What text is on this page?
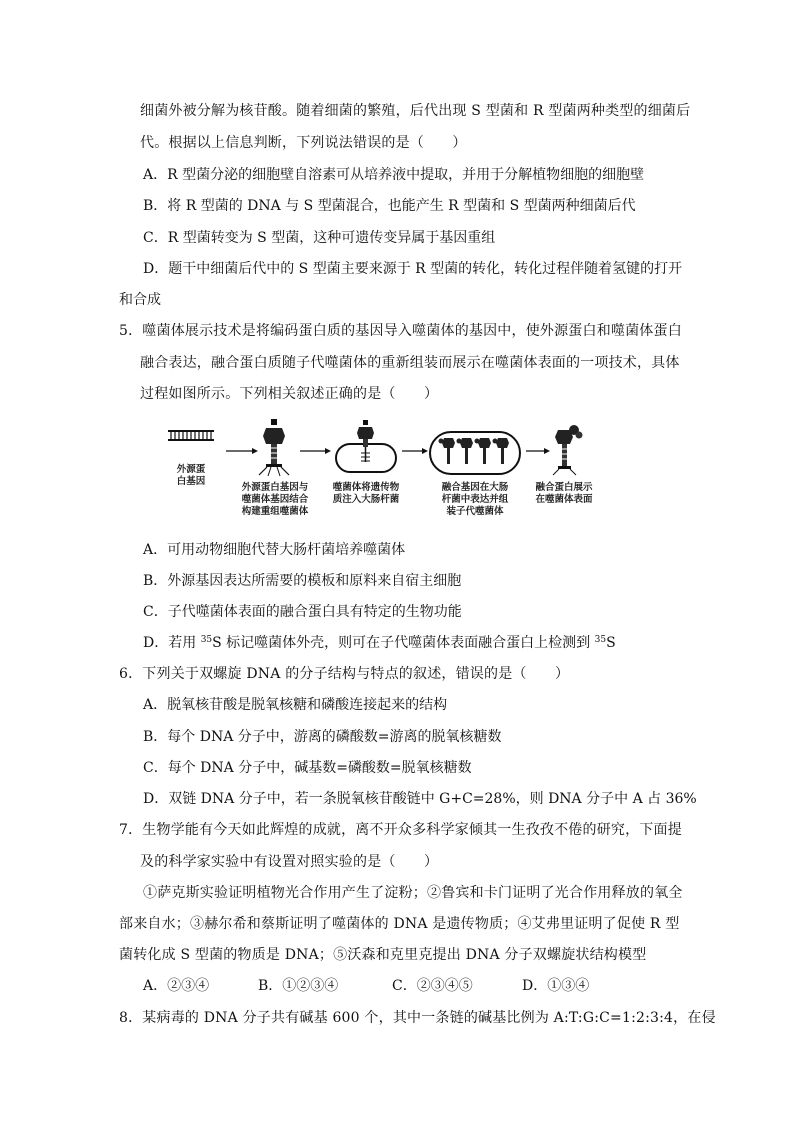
细菌外被分解为核苷酸。随着细菌的繁殖，后代出现 S 型菌和 R 型菌两种类型的细菌后
代。根据以上信息判断，下列说法错误的是（　　）
A．R 型菌分泌的细胞壁自溶素可从培养液中提取，并用于分解植物细胞的细胞壁
B．将 R 型菌的 DNA 与 S 型菌混合，也能产生 R 型菌和 S 型菌两种细菌后代
C．R 型菌转变为 S 型菌，这种可遗传变异属于基因重组
D．题干中细菌后代中的 S 型菌主要来源于 R 型菌的转化，转化过程伴随着氢键的打开
和合成
5．噬菌体展示技术是将编码蛋白质的基因导入噬菌体的基因中，使外源蛋白和噬菌体蛋白
融合表达，融合蛋白质随子代噬菌体的重新组装而展示在噬菌体表面的一项技术，具体
过程如图所示。下列相关叙述正确的是（　　）
外源蛋
白基因
外源蛋白基因与
噬菌体基因结合
构建重组噬菌体
噬菌体将遗传物
质注入大肠杆菌
融合基因在大肠
杆菌中表达并组
装子代噬菌体
融合蛋白展示
在噬菌体表面
A．可用动物细胞代替大肠杆菌培养噬菌体
B．外源基因表达所需要的模板和原料来自宿主细胞
C．子代噬菌体表面的融合蛋白具有特定的生物功能
D．若用 $^{35}$S 标记噬菌体外壳，则可在子代噬菌体表面融合蛋白上检测到 $^{35}$S
6．下列关于双螺旋 DNA 的分子结构与特点的叙述，错误的是（　　）
A．脱氧核苷酸是脱氧核糖和磷酸连接起来的结构
B．每个 DNA 分子中，游离的磷酸数=游离的脱氧核糖数
C．每个 DNA 分子中，碱基数=磷酸数=脱氧核糖数
D．双链 DNA 分子中，若一条脱氧核苷酸链中 G+C=28%，则 DNA 分子中 A 占 36%
7．生物学能有今天如此辉煌的成就，离不开众多科学家倾其一生孜孜不倦的研究，下面提
及的科学家实验中有设置对照实验的是（　　）
①萨克斯实验证明植物光合作用产生了淀粉；②鲁宾和卡门证明了光合作用释放的氧全
部来自水；③赫尔希和蔡斯证明了噬菌体的 DNA 是遗传物质；④艾弗里证明了促使 R 型
菌转化成 S 型菌的物质是 DNA；⑤沃森和克里克提出 DNA 分子双螺旋状结构模型
A．②③④	B．①②③④	C．②③④⑤	D．①③④
8．某病毒的 DNA 分子共有碱基 600 个，其中一条链的碱基比例为 A:T:G:C=1:2:3:4，在侵
